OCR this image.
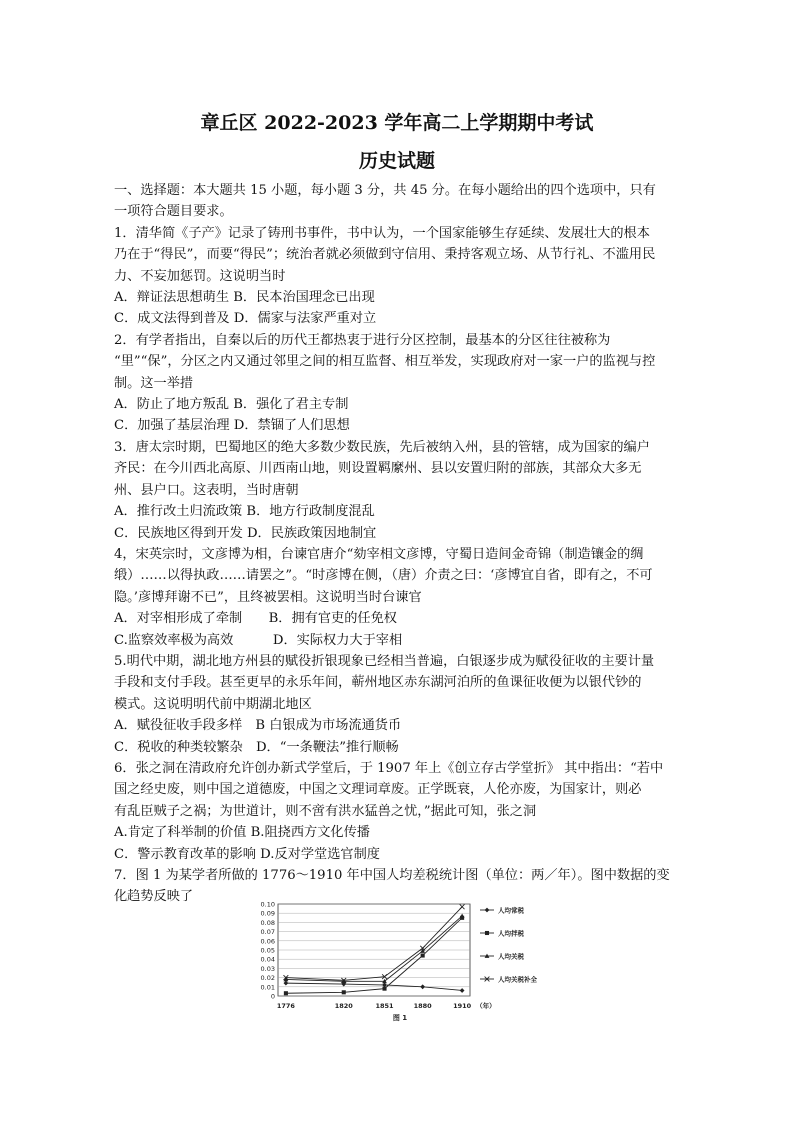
章丘区 2022-2023 学年高二上学期期中考试
历史试题

一、选择题：本大题共 15 小题，每小题 3 分，共 45 分。在每小题给出的四个选项中，只有

一项符合题目要求。

1．清华简《子产》记录了铸刑书事件，书中认为，一个国家能够生存延续、发展壮大的根本

乃在于“得民”，而要“得民”；统治者就必须做到守信用、秉持客观立场、从节行礼、不滥用民

力、不妄加惩罚。这说明当时

A．辩证法思想萌生 B．民本治国理念已出现

C．成文法得到普及 D．儒家与法家严重对立

2．有学者指出，自秦以后的历代王都热衷于进行分区控制，最基本的分区往往被称为

“里”“保”，分区之内又通过邻里之间的相互监督、相互举发，实现政府对一家一户的监视与控

制。这一举措

A．防止了地方叛乱 B．强化了君主专制

C．加强了基层治理 D．禁锢了人们思想

3．唐太宗时期，巴蜀地区的绝大多数少数民族，先后被纳入州，县的管辖，成为国家的编户

齐民：在今川西北高原、川西南山地，则设置羁縻州、县以安置归附的部族，其部众大多无

州、县户口。这表明，当时唐朝

A．推行改土归流政策 B．地方行政制度混乱

C．民族地区得到开发 D．民族政策因地制宜

4，宋英宗时，文彦博为相，台谏官唐介“劾宰相文彦博，守蜀日造间金奇锦（制造镶金的绸

缎）……以得执政……请罢之”。“时彦博在侧，（唐）介责之曰：‘彦博宜自省，即有之，不可

隐。’彦博拜谢不已”，且终被罢相。这说明当时台谏官

A．对宰相形成了牵制　　B．拥有官吏的任免权

C.监察效率极为高效　　　D．实际权力大于宰相

5.明代中期，湖北地方州县的赋役折银现象已经相当普遍，白银逐步成为赋役征收的主要计量

手段和支付手段。甚至更早的永乐年间，蕲州地区赤东湖河泊所的鱼课征收便为以银代钞的

模式。这说明明代前中期湖北地区

A．赋役征收手段多样　B 白银成为市场流通货币

C．税收的种类较繁杂　D．“一条鞭法”推行顺畅

6．张之洞在清政府允许创办新式学堂后，于 1907 年上《创立存古学堂折》 其中指出：“若中

国之经史废，则中国之道德废，中国之文理词章废。正学既衰，人伦亦废，为国家计，则必

有乱臣贼子之祸；为世道计，则不啻有洪水猛兽之忧，”据此可知，张之洞

A.肯定了科举制的价值 B.阻挠西方文化传播

C．警示教育改革的影响 D.反对学堂选官制度

7．图 1 为某学者所做的 1776～1910 年中国人均差税统计图（单位：两／年）。图中数据的变

化趋势反映了

0
0.01
0.02
0.03
0.04
0.05
0.06
0.07
0.08
0.09
0.10
1776	1820	1851	1880	1910 （年）
图 1
人均常税
人均拌税
人均关税
人均关税补全
